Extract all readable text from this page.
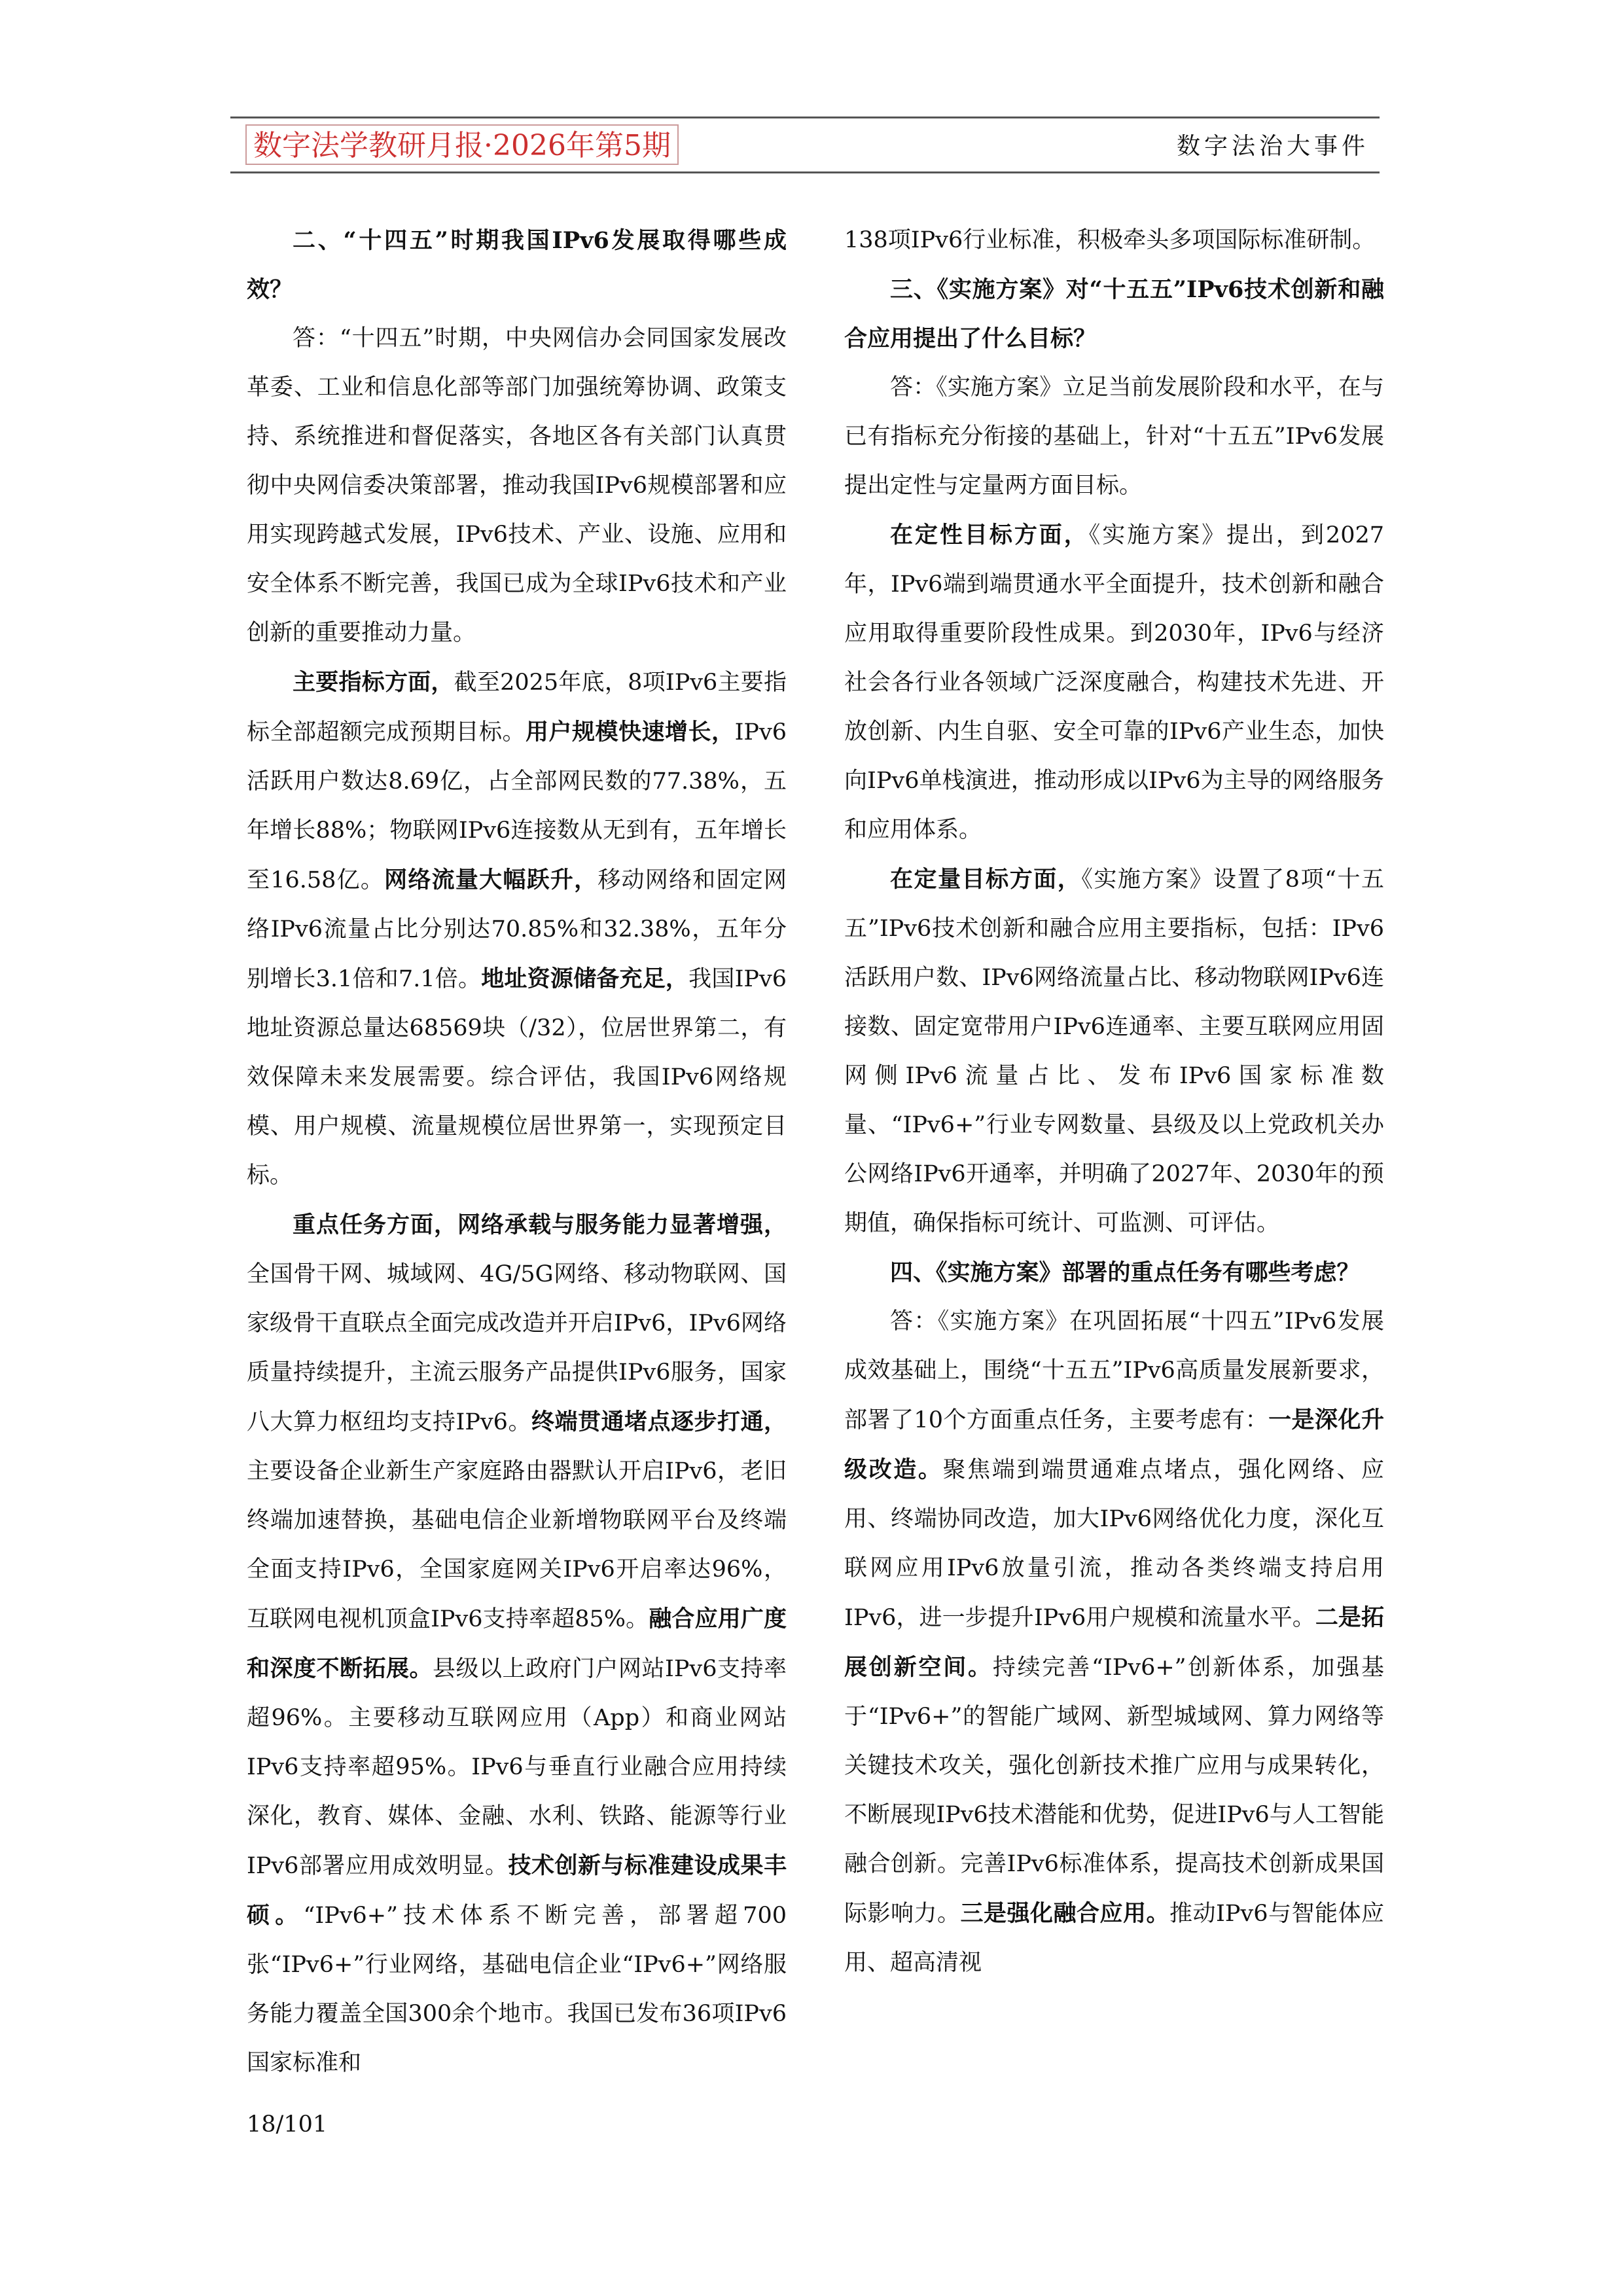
数字法学教研月报·2026年第5期	数字法治大事件

二、“十四五”时期我国IPv6发展取得哪些成效？

答：“十四五”时期，中央网信办会同国家发展改革委、工业和信息化部等部门加强统筹协调、政策支持、系统推进和督促落实，各地区各有关部门认真贯彻中央网信委决策部署，推动我国IPv6规模部署和应用实现跨越式发展，IPv6技术、产业、设施、应用和安全体系不断完善，我国已成为全球IPv6技术和产业创新的重要推动力量。

主要指标方面，截至2025年底，8项IPv6主要指标全部超额完成预期目标。用户规模快速增长，IPv6活跃用户数达8.69亿，占全部网民数的77.38%，五年增长88%；物联网IPv6连接数从无到有，五年增长至16.58亿。网络流量大幅跃升，移动网络和固定网络IPv6流量占比分别达70.85%和32.38%，五年分别增长3.1倍和7.1倍。地址资源储备充足，我国IPv6地址资源总量达68569块（/32），位居世界第二，有效保障未来发展需要。综合评估，我国IPv6网络规模、用户规模、流量规模位居世界第一，实现预定目标。

重点任务方面，网络承载与服务能力显著增强，全国骨干网、城域网、4G/5G网络、移动物联网、国家级骨干直联点全面完成改造并开启IPv6，IPv6网络质量持续提升，主流云服务产品提供IPv6服务，国家八大算力枢纽均支持IPv6。终端贯通堵点逐步打通，主要设备企业新生产家庭路由器默认开启IPv6，老旧终端加速替换，基础电信企业新增物联网平台及终端全面支持IPv6，全国家庭网关IPv6开启率达96%，互联网电视机顶盒IPv6支持率超85%。融合应用广度和深度不断拓展。县级以上政府门户网站IPv6支持率超96%。主要移动互联网应用（App）和商业网站IPv6支持率超95%。IPv6与垂直行业融合应用持续深化，教育、媒体、金融、水利、铁路、能源等行业IPv6部署应用成效明显。技术创新与标准建设成果丰硕。“IPv6+”技术体系不断完善，部署超700张“IPv6+”行业网络，基础电信企业“IPv6+”网络服务能力覆盖全国300余个地市。我国已发布36项IPv6国家标准和

138项IPv6行业标准，积极牵头多项国际标准研制。

三、《实施方案》对“十五五”IPv6技术创新和融合应用提出了什么目标？

答：《实施方案》立足当前发展阶段和水平，在与已有指标充分衔接的基础上，针对“十五五”IPv6发展提出定性与定量两方面目标。

在定性目标方面，《实施方案》提出，到2027年，IPv6端到端贯通水平全面提升，技术创新和融合应用取得重要阶段性成果。到2030年，IPv6与经济社会各行业各领域广泛深度融合，构建技术先进、开放创新、内生自驱、安全可靠的IPv6产业生态，加快向IPv6单栈演进，推动形成以IPv6为主导的网络服务和应用体系。

在定量目标方面，《实施方案》设置了8项“十五五”IPv6技术创新和融合应用主要指标，包括：IPv6活跃用户数、IPv6网络流量占比、移动物联网IPv6连接数、固定宽带用户IPv6连通率、主要互联网应用固网侧IPv6流量占比、发布IPv6国家标准数量、“IPv6+”行业专网数量、县级及以上党政机关办公网络IPv6开通率，并明确了2027年、2030年的预期值，确保指标可统计、可监测、可评估。

四、《实施方案》部署的重点任务有哪些考虑？

答：《实施方案》在巩固拓展“十四五”IPv6发展成效基础上，围绕“十五五”IPv6高质量发展新要求，部署了10个方面重点任务，主要考虑有：一是深化升级改造。聚焦端到端贯通难点堵点，强化网络、应用、终端协同改造，加大IPv6网络优化力度，深化互联网应用IPv6放量引流，推动各类终端支持启用IPv6，进一步提升IPv6用户规模和流量水平。二是拓展创新空间。持续完善“IPv6+”创新体系，加强基于“IPv6+”的智能广域网、新型城域网、算力网络等关键技术攻关，强化创新技术推广应用与成果转化，不断展现IPv6技术潜能和优势，促进IPv6与人工智能融合创新。完善IPv6标准体系，提高技术创新成果国际影响力。三是强化融合应用。推动IPv6与智能体应用、超高清视

18/101
